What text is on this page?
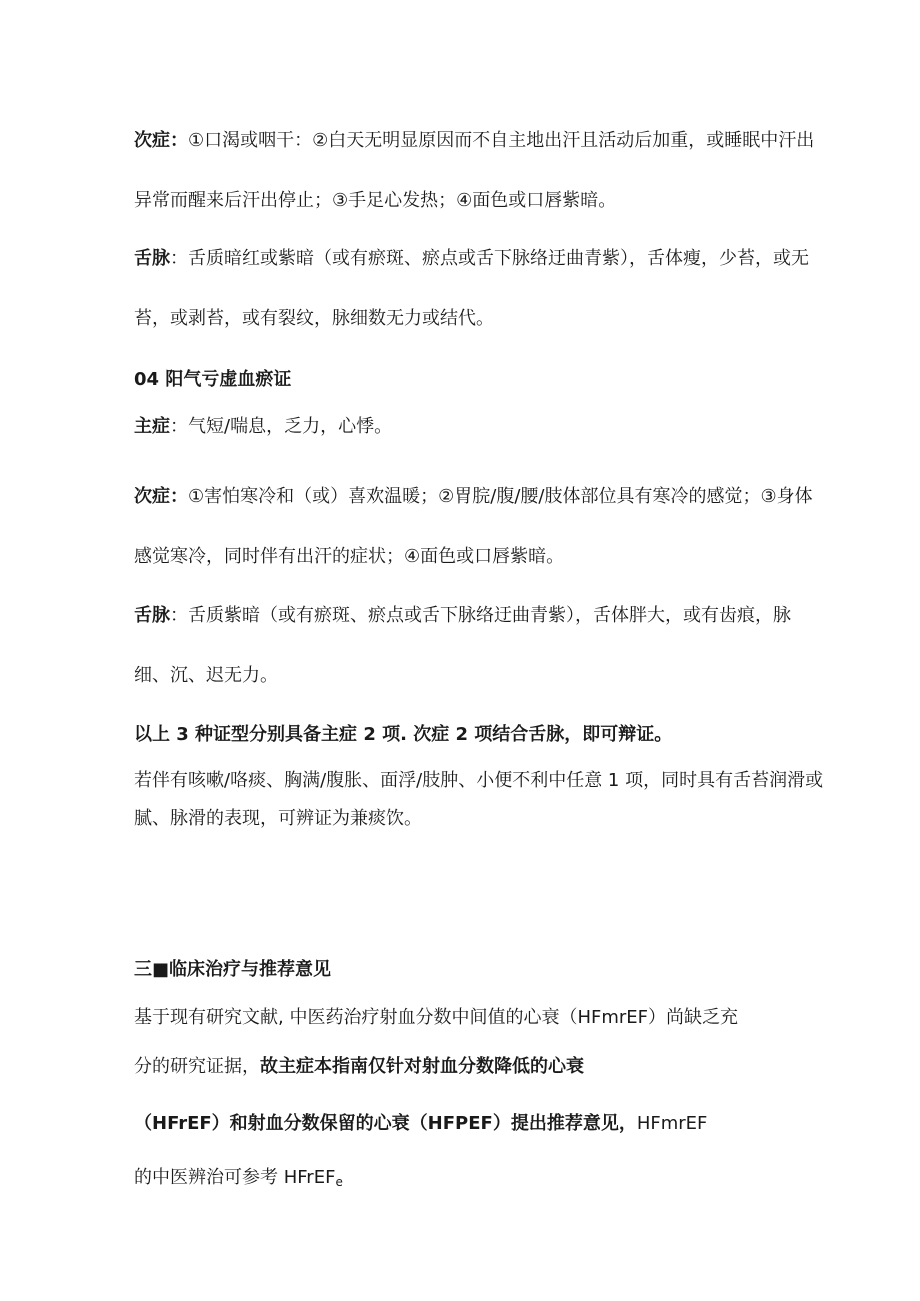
次症：①口渴或咽干：②白天无明显原因而不自主地出汗且活动后加重，或睡眠中汗出异常而醒来后汗出停止；③手足心发热；④面色或口唇紫暗。

舌脉：舌质暗红或紫暗（或有瘀斑、瘀点或舌下脉络迂曲青紫），舌体瘦，少苔，或无苔，或剥苔，或有裂纹，脉细数无力或结代。

04 阳气亏虚血瘀证

主症：气短/喘息，乏力，心悸。

次症：①害怕寒冷和（或）喜欢温暖；②胃脘/腹/腰/肢体部位具有寒冷的感觉；③身体感觉寒冷，同时伴有出汗的症状；④面色或口唇紫暗。

舌脉：舌质紫暗（或有瘀斑、瘀点或舌下脉络迂曲青紫），舌体胖大，或有齿痕，脉细、沉、迟无力。

以上 3 种证型分别具备主症 2 项. 次症 2 项结合舌脉，即可辩证。

若伴有咳嗽/咯痰、胸满/腹胀、面浮/肢肿、小便不利中任意 1 项，同时具有舌苔润滑或腻、脉滑的表现，可辨证为兼痰饮。

三■临床治疗与推荐意见

基于现有研究文献, 中医药治疗射血分数中间值的心衰（HFmrEF）尚缺乏充

分的研究证据，故主症本指南仅针对射血分数降低的心衰

（HFrEF）和射血分数保留的心衰（HFPEF）提出推荐意见，HFmrEF

的中医辨治可参考 HFrEFe
